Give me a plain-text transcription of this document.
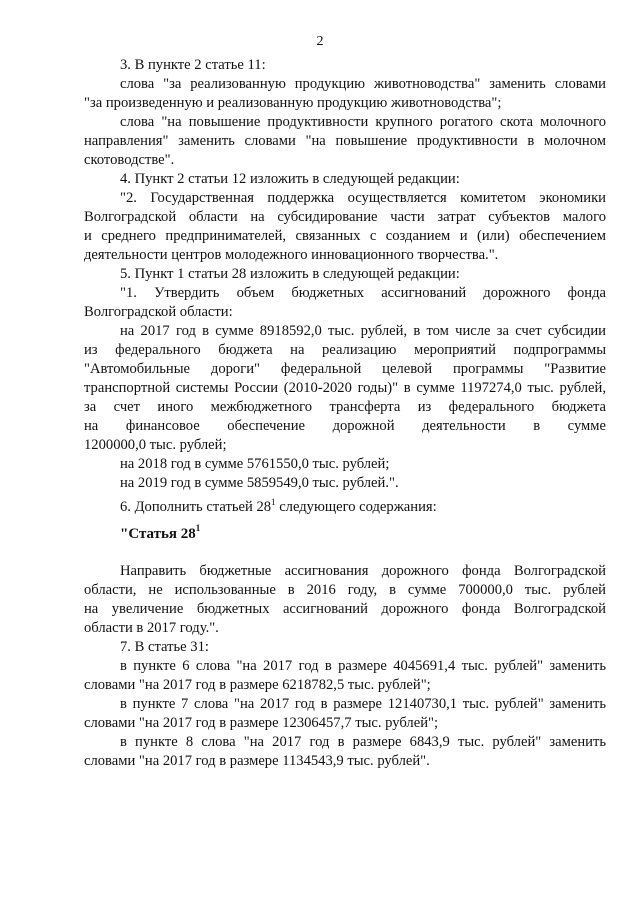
2
3. В пункте 2 статье 11:
слова "за реализованную продукцию животноводства" заменить словами
"за произведенную и реализованную продукцию животноводства";
слова "на повышение продуктивности крупного рогатого скота молочного
направления" заменить словами "на повышение продуктивности в молочном
скотоводстве".
4. Пункт 2 статьи 12 изложить в следующей редакции:
"2. Государственная поддержка осуществляется комитетом экономики
Волгоградской области на субсидирование части затрат субъектов малого
и среднего предпринимателей, связанных с созданием и (или) обеспечением
деятельности центров молодежного инновационного творчества.".
5. Пункт 1 статьи 28 изложить в следующей редакции:
"1. Утвердить объем бюджетных ассигнований дорожного фонда
Волгоградской области:
на 2017 год в сумме 8918592,0 тыс. рублей, в том числе за счет субсидии
из федерального бюджета на реализацию мероприятий подпрограммы
"Автомобильные дороги" федеральной целевой программы "Развитие
транспортной системы России (2010-2020 годы)" в сумме 1197274,0 тыс. рублей,
за счет иного межбюджетного трансферта из федерального бюджета
на финансовое обеспечение дорожной деятельности в сумме
1200000,0 тыс. рублей;
на 2018 год в сумме 5761550,0 тыс. рублей;
на 2019 год в сумме 5859549,0 тыс. рублей.".
6. Дополнить статьей $28^1$ следующего содержания:
"Статья $28^1$
Направить бюджетные ассигнования дорожного фонда Волгоградской
области, не использованные в 2016 году, в сумме 700000,0 тыс. рублей
на увеличение бюджетных ассигнований дорожного фонда Волгоградской
области в 2017 году.".
7. В статье 31:
в пункте 6 слова "на 2017 год в размере 4045691,4 тыс. рублей" заменить
словами "на 2017 год в размере 6218782,5 тыс. рублей";
в пункте 7 слова "на 2017 год в размере 12140730,1 тыс. рублей" заменить
словами "на 2017 год в размере 12306457,7 тыс. рублей";
в пункте 8 слова "на 2017 год в размере 6843,9 тыс. рублей" заменить
словами "на 2017 год в размере 1134543,9 тыс. рублей".
